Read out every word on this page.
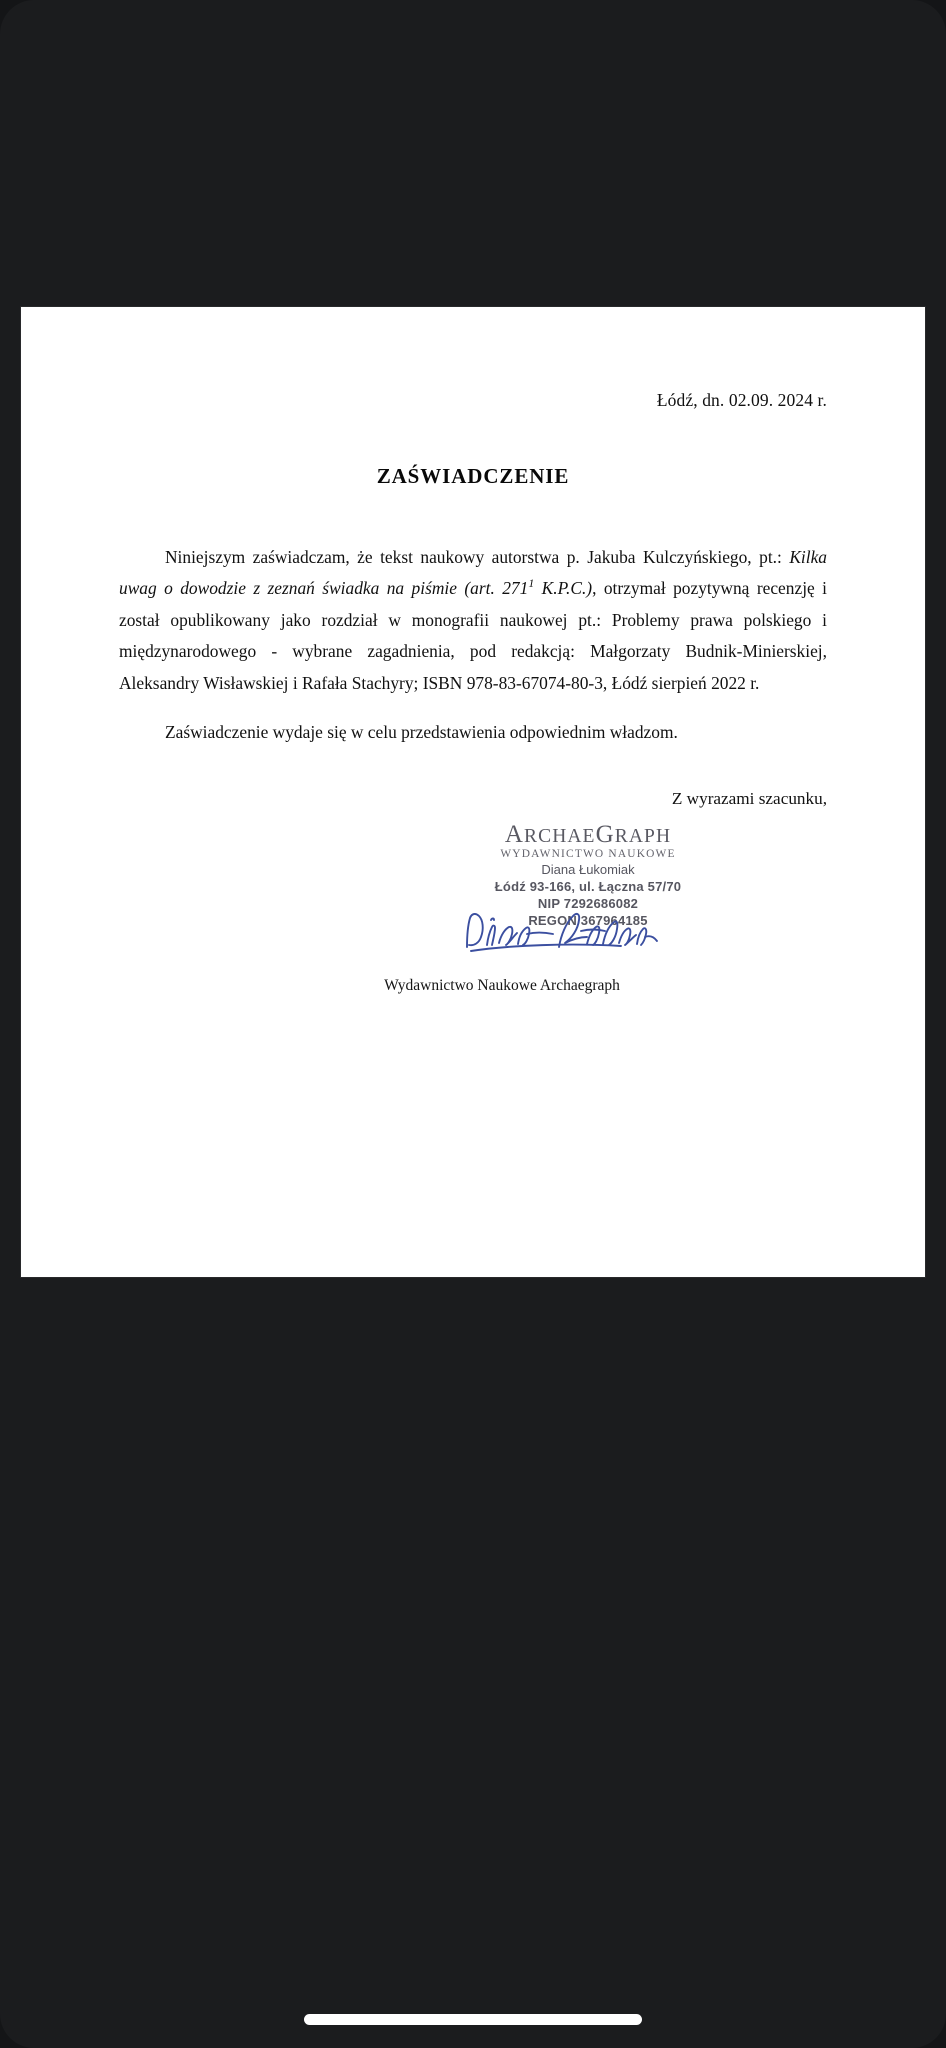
Łódź, dn. 02.09. 2024 r.
ZAŚWIADCZENIE

Niniejszym zaświadczam, że tekst naukowy autorstwa p. Jakuba Kulczyńskiego, pt.: Kilka uwag o dowodzie z zeznań świadka na piśmie (art. $271^1$ K.P.C.), otrzymał pozytywną recenzję i został opublikowany jako rozdział w monografii naukowej pt.: Problemy prawa polskiego i międzynarodowego - wybrane zagadnienia, pod redakcją: Małgorzaty Budnik-Minierskiej, Aleksandry Wisławskiej i Rafała Stachyry; ISBN 978-83-67074-80-3, Łódź sierpień 2022 r.

Zaświadczenie wydaje się w celu przedstawienia odpowiednim władzom.

Z wyrazami szacunku,
ARCHAEGRAPH
WYDAWNICTWO NAUKOWE
Diana Łukomiak
Łódź 93-166, ul. Łączna 57/70
NIP 7292686082
REGON 367964185
Wydawnictwo Naukowe Archaegraph
